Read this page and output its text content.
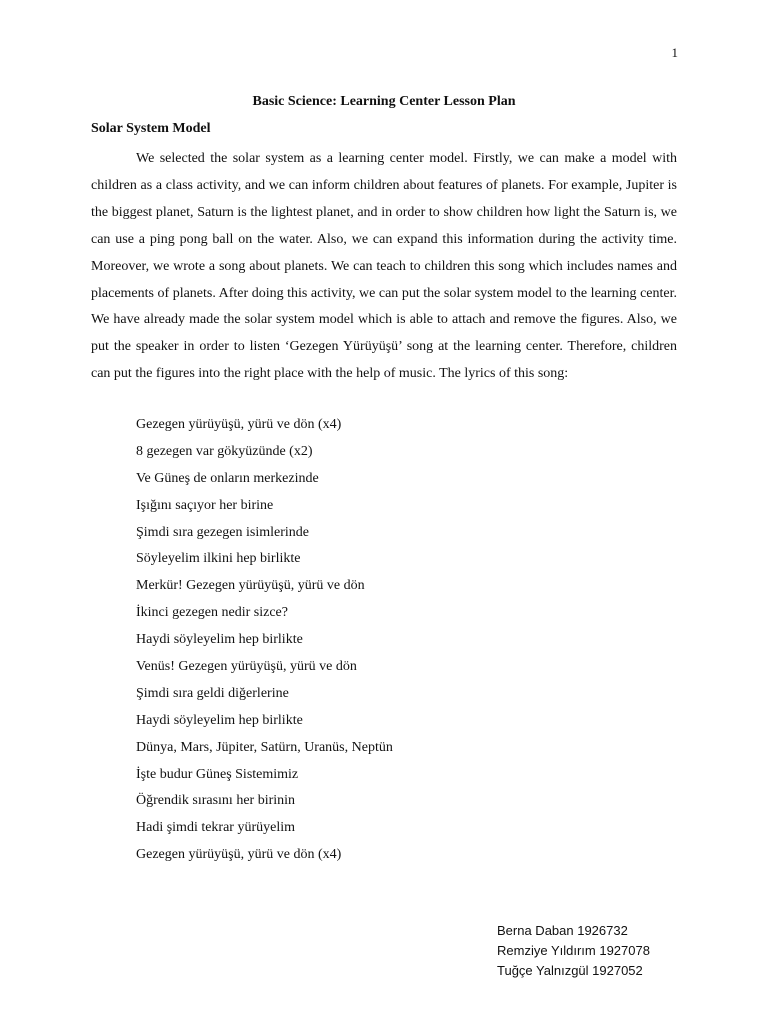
1
Basic Science: Learning Center Lesson Plan
Solar System Model

We selected the solar system as a learning center model. Firstly, we can make a model with children as a class activity, and we can inform children about features of planets. For example, Jupiter is the biggest planet, Saturn is the lightest planet, and in order to show children how light the Saturn is, we can use a ping pong ball on the water. Also, we can expand this information during the activity time. Moreover, we wrote a song about planets. We can teach to children this song which includes names and placements of planets. After doing this activity, we can put the solar system model to the learning center. We have already made the solar system model which is able to attach and remove the figures. Also, we put the speaker in order to listen ‘Gezegen Yürüyüşü’ song at the learning center. Therefore, children can put the figures into the right place with the help of music. The lyrics of this song:

Gezegen yürüyüşü, yürü ve dön (x4)
8 gezegen var gökyüzünde (x2)
Ve Güneş de onların merkezinde
Işığını saçıyor her birine
Şimdi sıra gezegen isimlerinde
Söyleyelim ilkini hep birlikte
Merkür! Gezegen yürüyüşü, yürü ve dön
İkinci gezegen nedir sizce?
Haydi söyleyelim hep birlikte
Venüs! Gezegen yürüyüşü, yürü ve dön
Şimdi sıra geldi diğerlerine
Haydi söyleyelim hep birlikte
Dünya, Mars, Jüpiter, Satürn, Uranüs, Neptün
İşte budur Güneş Sistemimiz
Öğrendik sırasını her birinin
Hadi şimdi tekrar yürüyelim
Gezegen yürüyüşü, yürü ve dön (x4)
Berna Daban 1926732
Remziye Yıldırım 1927078
Tuğçe Yalnızgül 1927052
